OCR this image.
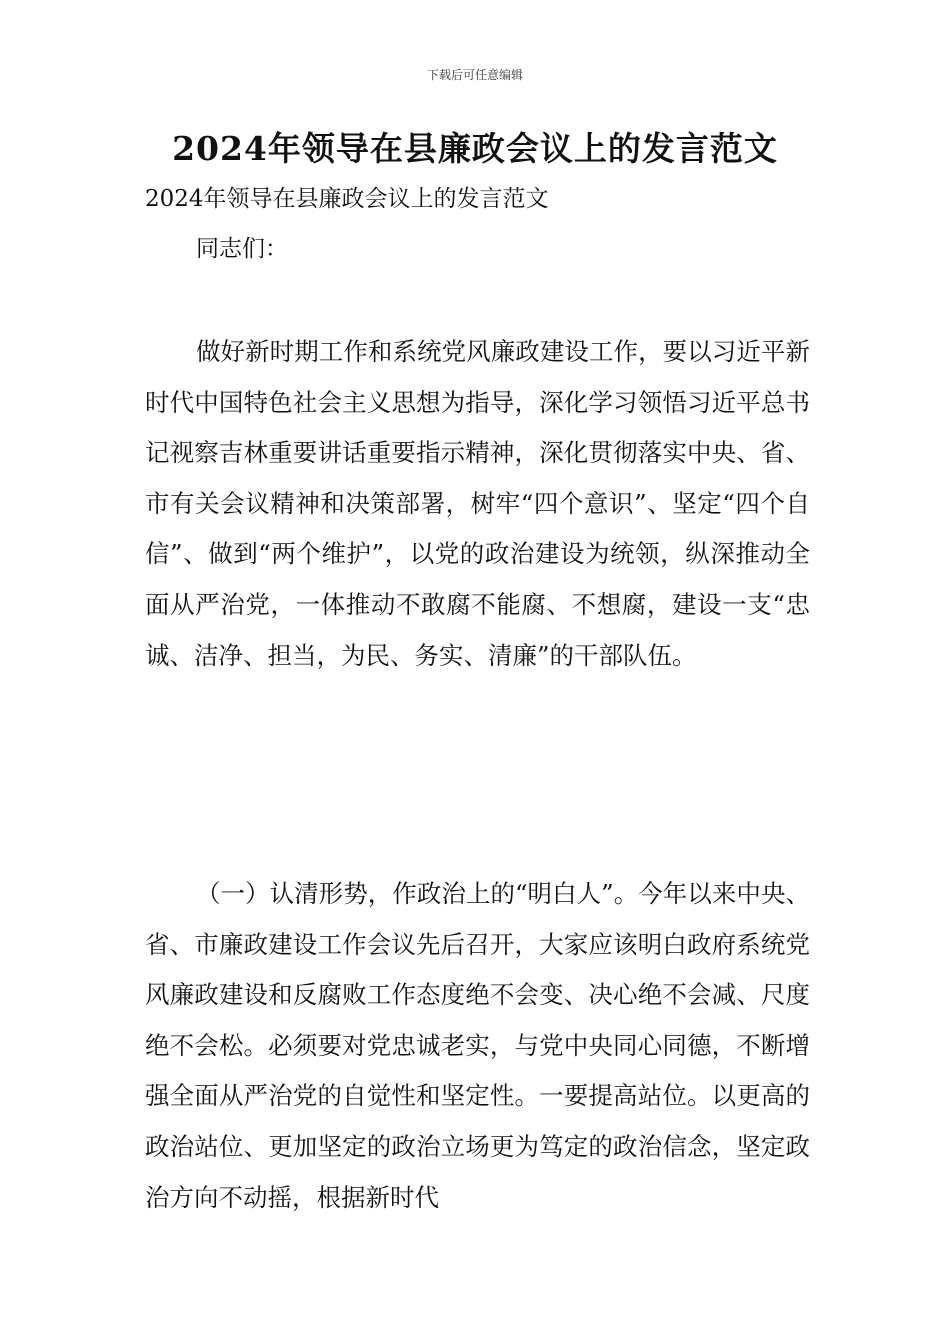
下载后可任意编辑
2024年领导在县廉政会议上的发言范文
2024年领导在县廉政会议上的发言范文
同志们：

做好新时期工作和系统党风廉政建设工作，要以习近平新时代中国特色社会主义思想为指导，深化学习领悟习近平总书记视察吉林重要讲话重要指示精神，深化贯彻落实中央、省、市有关会议精神和决策部署，树牢“四个意识”、坚定“四个自信”、做到“两个维护”，以党的政治建设为统领，纵深推动全面从严治党，一体推动不敢腐不能腐、不想腐，建设一支“忠诚、洁净、担当，为民、务实、清廉”的干部队伍。

（一）认清形势，作政治上的“明白人”。今年以来中央、省、市廉政建设工作会议先后召开，大家应该明白政府系统党风廉政建设和反腐败工作态度绝不会变、决心绝不会减、尺度绝不会松。必须要对党忠诚老实，与党中央同心同德，不断增强全面从严治党的自觉性和坚定性。一要提高站位。以更高的政治站位、更加坚定的政治立场更为笃定的政治信念，坚定政治方向不动摇，根据新时代
